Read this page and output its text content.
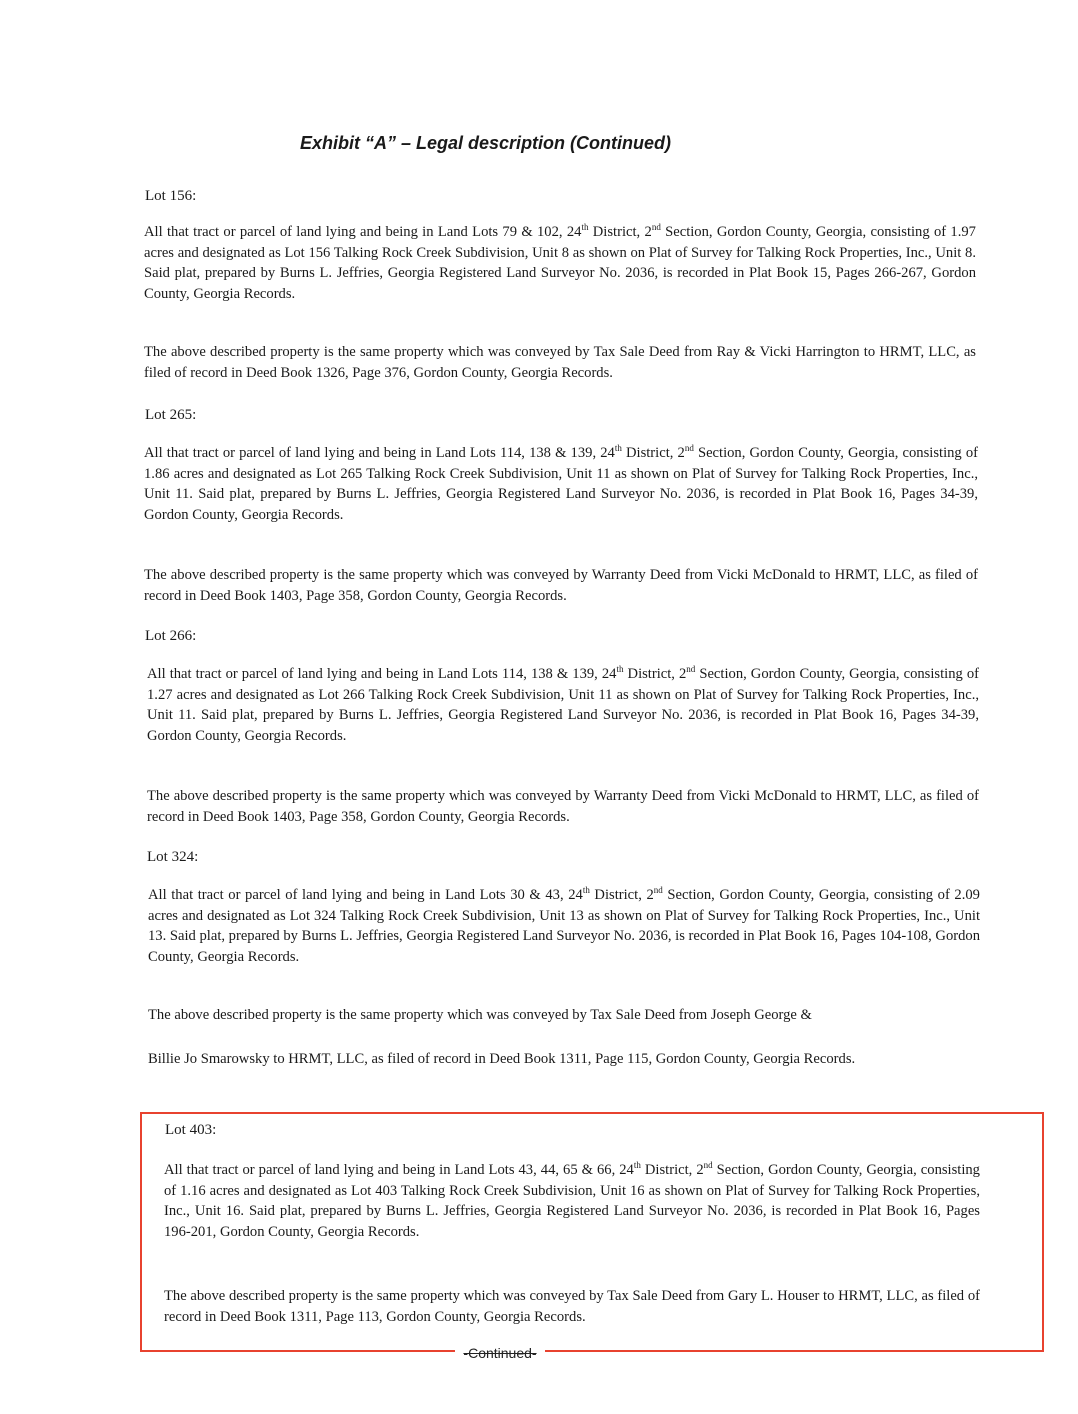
Exhibit “A” – Legal description (Continued)
Lot 156:
All that tract or parcel of land lying and being in Land Lots 79 & 102, 24th District, 2nd Section, Gordon County, Georgia, consisting of 1.97 acres and designated as Lot 156 Talking Rock Creek Subdivision, Unit 8 as shown on Plat of Survey for Talking Rock Properties, Inc., Unit 8. Said plat, prepared by Burns L. Jeffries, Georgia Registered Land Surveyor No. 2036, is recorded in Plat Book 15, Pages 266-267, Gordon County, Georgia Records.
The above described property is the same property which was conveyed by Tax Sale Deed from Ray & Vicki Harrington to HRMT, LLC, as filed of record in Deed Book 1326, Page 376, Gordon County, Georgia Records.
Lot 265:
All that tract or parcel of land lying and being in Land Lots 114, 138 & 139, 24th District, 2nd Section, Gordon County, Georgia, consisting of 1.86 acres and designated as Lot 265 Talking Rock Creek Subdivision, Unit 11 as shown on Plat of Survey for Talking Rock Properties, Inc., Unit 11. Said plat, prepared by Burns L. Jeffries, Georgia Registered Land Surveyor No. 2036, is recorded in Plat Book 16, Pages 34-39, Gordon County, Georgia Records.
The above described property is the same property which was conveyed by Warranty Deed from Vicki McDonald to HRMT, LLC, as filed of record in Deed Book 1403, Page 358, Gordon County, Georgia Records.
Lot 266:
All that tract or parcel of land lying and being in Land Lots 114, 138 & 139, 24th District, 2nd Section, Gordon County, Georgia, consisting of 1.27 acres and designated as Lot 266 Talking Rock Creek Subdivision, Unit 11 as shown on Plat of Survey for Talking Rock Properties, Inc., Unit 11. Said plat, prepared by Burns L. Jeffries, Georgia Registered Land Surveyor No. 2036, is recorded in Plat Book 16, Pages 34-39, Gordon County, Georgia Records.
The above described property is the same property which was conveyed by Warranty Deed from Vicki McDonald to HRMT, LLC, as filed of record in Deed Book 1403, Page 358, Gordon County, Georgia Records.
Lot 324:
All that tract or parcel of land lying and being in Land Lots 30 & 43, 24th District, 2nd Section, Gordon County, Georgia, consisting of 2.09 acres and designated as Lot 324 Talking Rock Creek Subdivision, Unit 13 as shown on Plat of Survey for Talking Rock Properties, Inc., Unit 13. Said plat, prepared by Burns L. Jeffries, Georgia Registered Land Surveyor No. 2036, is recorded in Plat Book 16, Pages 104-108, Gordon County, Georgia Records.
The above described property is the same property which was conveyed by Tax Sale Deed from Joseph George &
Billie Jo Smarowsky to HRMT, LLC, as filed of record in Deed Book 1311, Page 115, Gordon County, Georgia Records.
Lot 403:
All that tract or parcel of land lying and being in Land Lots 43, 44, 65 & 66, 24th District, 2nd Section, Gordon County, Georgia, consisting of 1.16 acres and designated as Lot 403 Talking Rock Creek Subdivision, Unit 16 as shown on Plat of Survey for Talking Rock Properties, Inc., Unit 16. Said plat, prepared by Burns L. Jeffries, Georgia Registered Land Surveyor No. 2036, is recorded in Plat Book 16, Pages 196-201, Gordon County, Georgia Records.
The above described property is the same property which was conveyed by Tax Sale Deed from Gary L. Houser to HRMT, LLC, as filed of record in Deed Book 1311, Page 113, Gordon County, Georgia Records.
-Continued-
